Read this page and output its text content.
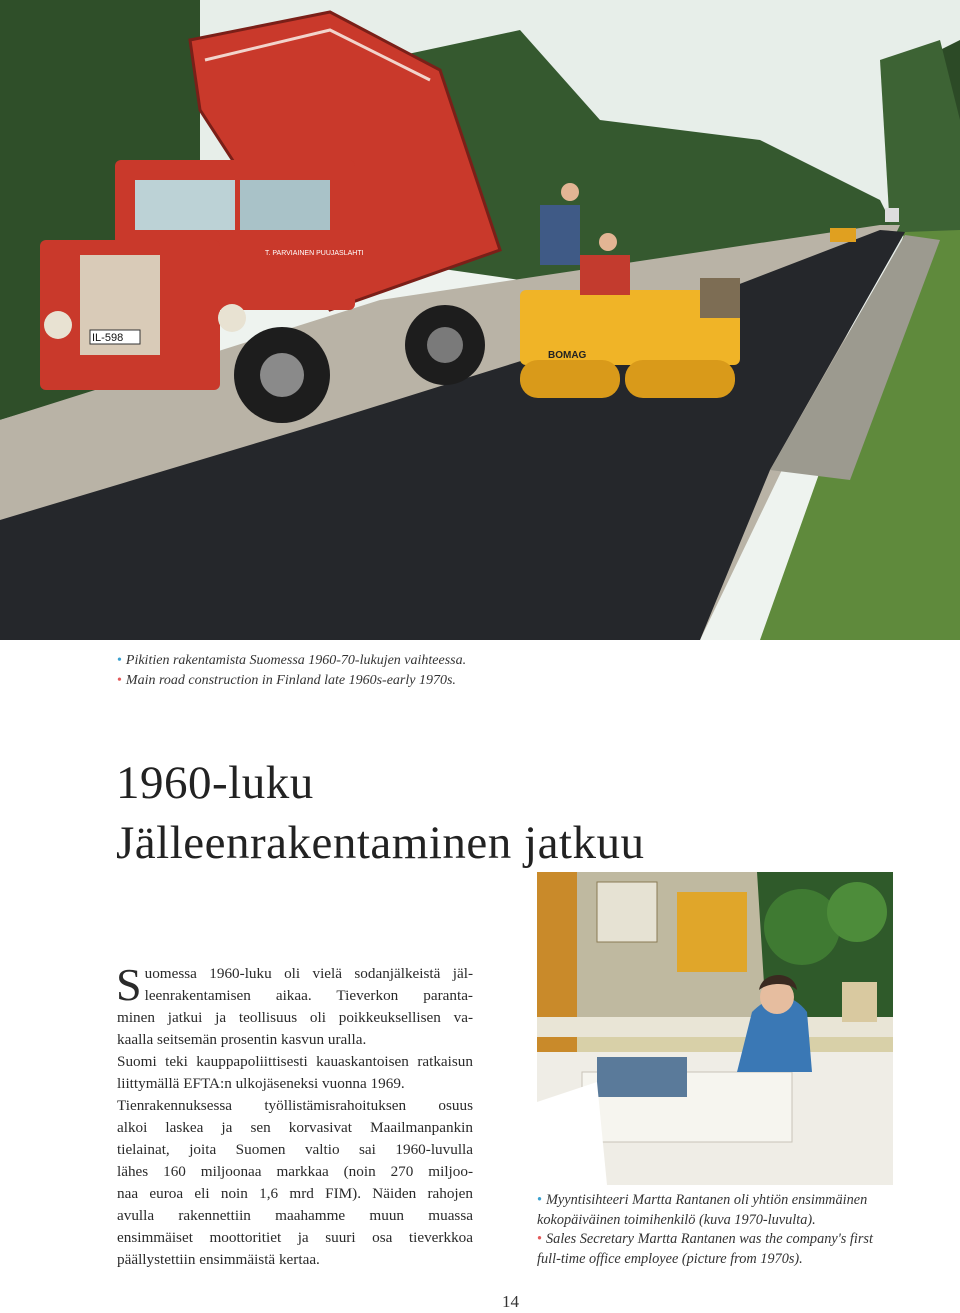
IL-598
T. PARVIAINEN PUUJASLAHTI
BOMAG
• Pikitien rakentamista Suomessa 1960-70-lukujen vaihteessa.
• Main road construction in Finland late 1960s-early 1970s.
1960-luku
Jälleenrakentaminen jatkuu
S uomessa 1960-luku oli vielä sodanjälkeistä jäl-
leenrakentamisen aikaa. Tieverkon paranta-
minen jatkui ja teollisuus oli poikkeuksellisen va-
kaalla seitsemän prosentin kasvun uralla.
Suomi teki kauppapoliittisesti kauaskantoisen ratkaisun
liittymällä EFTA:n ulkojäseneksi vuonna 1969.
Tienrakennuksessa työllistämisrahoituksen osuus
alkoi laskea ja sen korvasivat Maailmanpankin
tielainat, joita Suomen valtio sai 1960-luvulla
lähes 160 miljoonaa markkaa (noin 270 miljoo-
naa euroa eli noin 1,6 mrd FIM). Näiden rahojen
avulla rakennettiin maahamme muun muassa
ensimmäiset moottoritiet ja suuri osa tieverkkoa
päällystettiin ensimmäistä kertaa.
• Myyntisihteeri Martta Rantanen oli yhtiön ensimmäinen
kokopäiväinen toimihenkilö (kuva 1970-luvulta).
• Sales Secretary Martta Rantanen was the company's first
full-time office employee (picture from 1970s).
14
